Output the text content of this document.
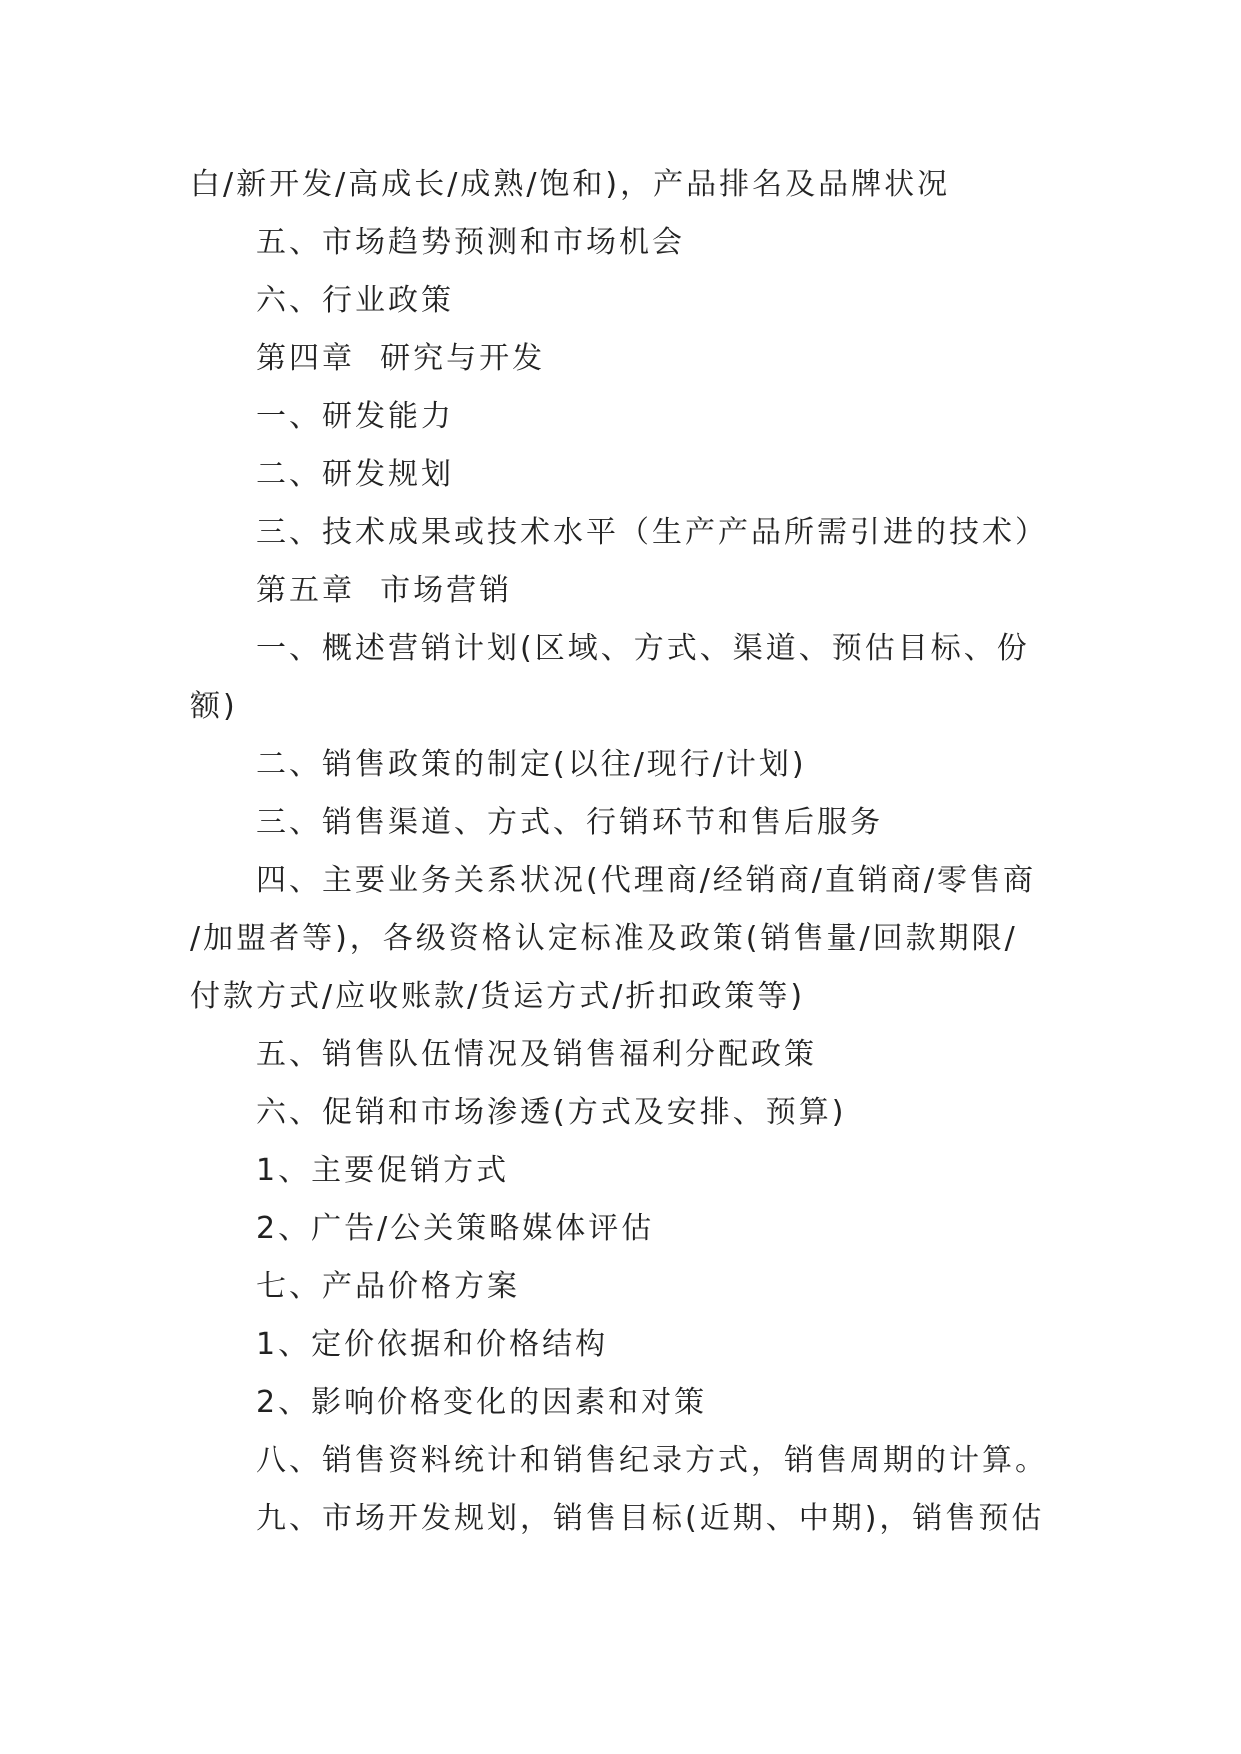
白/新开发/高成长/成熟/饱和)，产品排名及品牌状况

五、市场趋势预测和市场机会

六、行业政策

第四章  研究与开发

一、研发能力

二、研发规划

三、技术成果或技术水平（生产产品所需引进的技术）

第五章  市场营销

一、概述营销计划(区域、方式、渠道、预估目标、份

额)

二、销售政策的制定(以往/现行/计划)

三、销售渠道、方式、行销环节和售后服务

四、主要业务关系状况(代理商/经销商/直销商/零售商

/加盟者等)，各级资格认定标准及政策(销售量/回款期限/

付款方式/应收账款/货运方式/折扣政策等)

五、销售队伍情况及销售福利分配政策

六、促销和市场渗透(方式及安排、预算)

1、主要促销方式

2、广告/公关策略媒体评估

七、产品价格方案

1、定价依据和价格结构

2、影响价格变化的因素和对策

八、销售资料统计和销售纪录方式，销售周期的计算。

九、市场开发规划，销售目标(近期、中期)，销售预估
